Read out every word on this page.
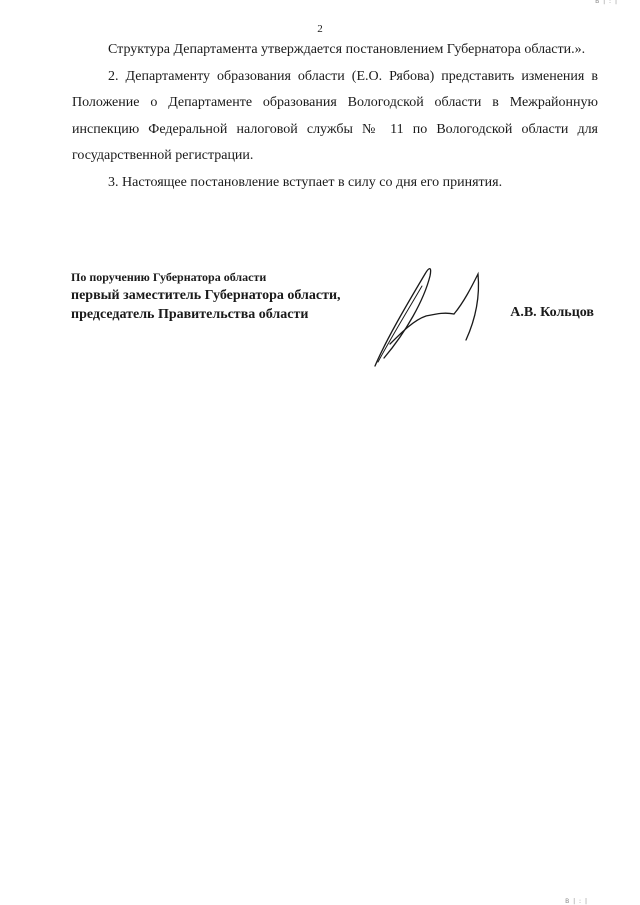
В | : |
2

Структура Департамента утверждается постановлением Губернатора области.».

2. Департаменту образования области (Е.О. Рябова) представить изменения в Положение о Департаменте образования Вологодской области в Межрайонную инспекцию Федеральной налоговой службы № 11 по Вологодской области для государственной регистрации.

3. Настоящее постановление вступает в силу со дня его принятия.

По поручению Губернатора области
первый заместитель Губернатора области,
председатель Правительства области	А.В. Кольцов
В | : |
